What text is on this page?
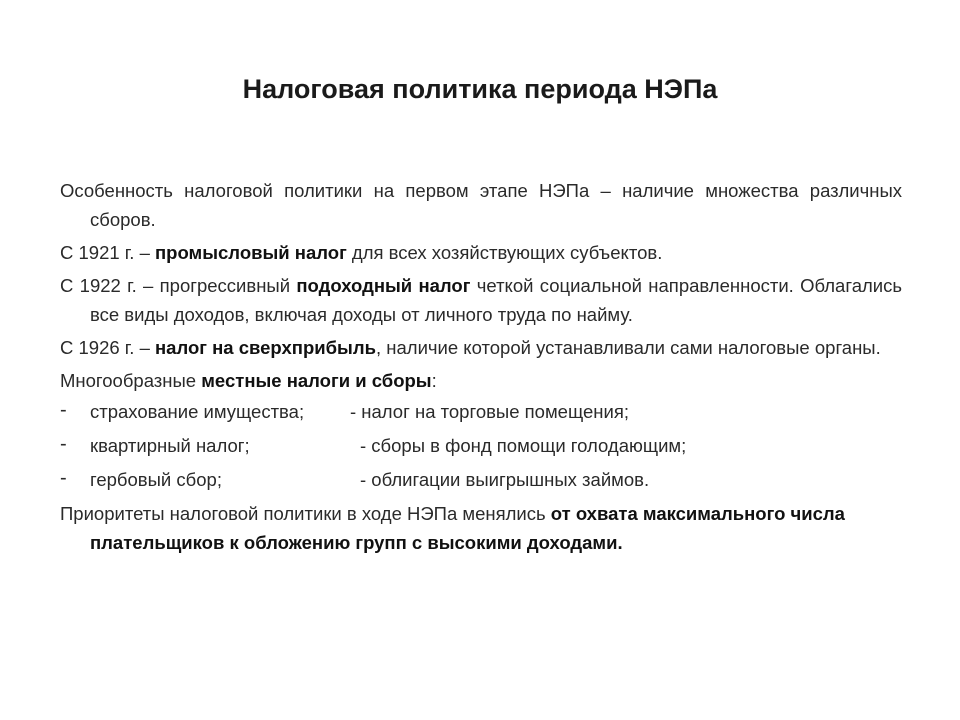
Налоговая политика периода НЭПа

Особенность налоговой политики на первом этапе НЭПа – наличие множества различных сборов.

С 1921 г. – промысловый налог для всех хозяйствующих субъектов.

С 1922 г. – прогрессивный подоходный налог четкой социальной направленности. Облагались все виды доходов, включая доходы от личного труда по найму.

С 1926 г. – налог на сверхприбыль, наличие которой устанавливали сами налоговые органы.

Многообразные местные налоги и сборы:

- страхование имущества; - налог на торговые помещения;
- квартирный налог;	- сборы в фонд помощи голодающим;
- гербовый сбор;	- облигации выигрышных займов.

Приоритеты налоговой политики в ходе НЭПа менялись от охвата максимального числа плательщиков к обложению групп с высокими доходами.
